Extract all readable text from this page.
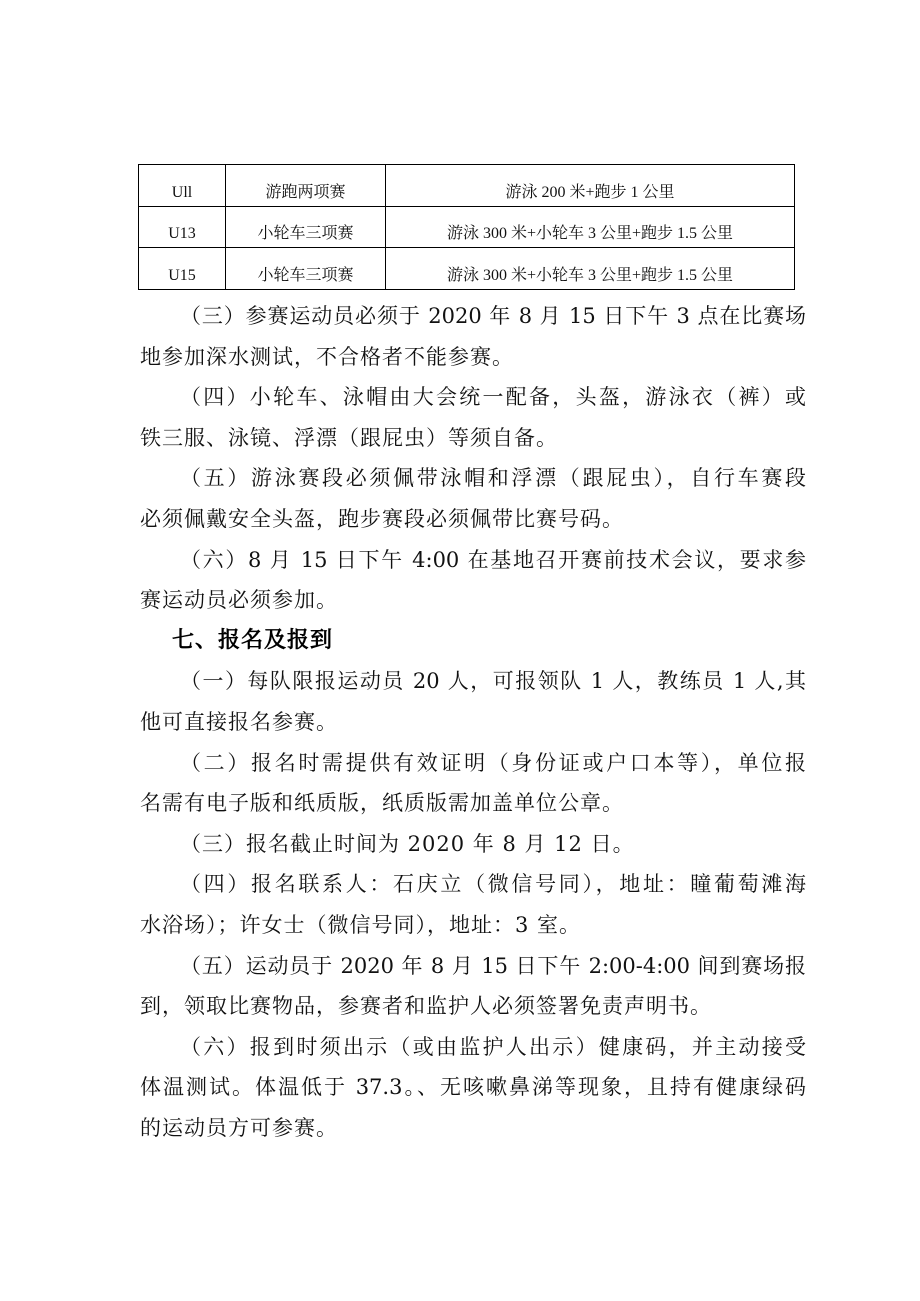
Ull	游跑两项赛	游泳 200 米+跑步 1 公里
U13	小轮车三项赛	游泳 300 米+小轮车 3 公里+跑步 1.5 公里
U15	小轮车三项赛	游泳 300 米+小轮车 3 公里+跑步 1.5 公里
（三）参赛运动员必须于 2020 年 8 月 15 日下午 3 点在比赛场
地参加深水测试，不合格者不能参赛。
（四）小轮车、泳帽由大会统一配备，头盔，游泳衣（裤）或
铁三服、泳镜、浮漂（跟屁虫）等须自备。
（五）游泳赛段必须佩带泳帽和浮漂（跟屁虫），自行车赛段
必须佩戴安全头盔，跑步赛段必须佩带比赛号码。
（六）8 月 15 日下午 4:00 在基地召开赛前技术会议，要求参
赛运动员必须参加。
七、报名及报到
（一）每队限报运动员 20 人，可报领队 1 人，教练员 1 人,其
他可直接报名参赛。
（二）报名时需提供有效证明（身份证或户口本等），单位报
名需有电子版和纸质版，纸质版需加盖单位公章。
（三）报名截止时间为 2020 年 8 月 12 日。
（四）报名联系人：石庆立（微信号同），地址：瞳葡萄滩海
水浴场）；许女士（微信号同），地址：3 室。
（五）运动员于 2020 年 8 月 15 日下午 2:00-4:00 间到赛场报
到，领取比赛物品，参赛者和监护人必须签署免责声明书。
（六）报到时须出示（或由监护人出示）健康码，并主动接受
体温测试。体温低于 37.3。、无咳嗽鼻涕等现象，且持有健康绿码
的运动员方可参赛。
